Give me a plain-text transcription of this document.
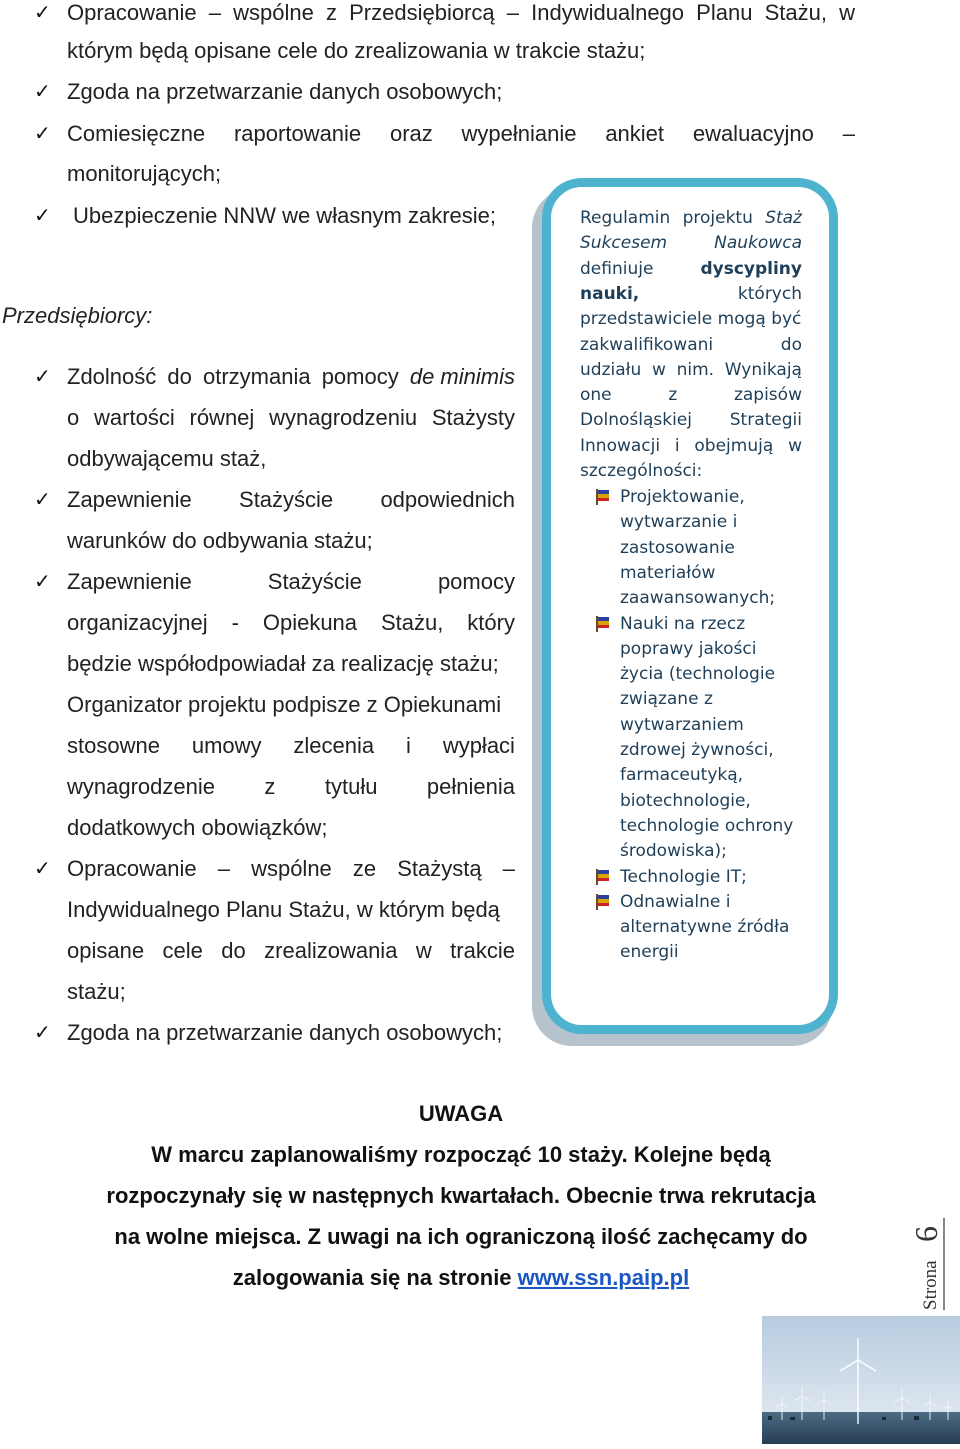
✓ Opracowanie – wspólne z Przedsiębiorcą – Indywidualnego Planu Stażu, w
którym będą opisane cele do zrealizowania w trakcie stażu;
✓ Zgoda na przetwarzanie danych osobowych;
✓ Comiesięczne raportowanie oraz wypełnianie ankiet ewaluacyjno –
monitorujących;
✓ Ubezpieczenie NNW we własnym zakresie;
Przedsiębiorcy:
✓ Zdolność do otrzymania pomocy de minimis
o wartości równej wynagrodzeniu Stażysty
odbywającemu staż,
✓ Zapewnienie Stażyście odpowiednich
warunków do odbywania stażu;
✓ Zapewnienie	Stażyście	pomocy
organizacyjnej - Opiekuna Stażu, który
będzie współodpowiadał za realizację stażu;
Organizator projektu podpisze z Opiekunami
stosowne umowy zlecenia i wypłaci
wynagrodzenie z tytułu pełnienia
dodatkowych obowiązków;
✓ Opracowanie – wspólne ze Stażystą –
Indywidualnego Planu Stażu, w którym będą
opisane cele do zrealizowania w trakcie
stażu;
✓ Zgoda na przetwarzanie danych osobowych;
Regulamin projektu Staż
Sukcesem	Naukowca
definiuje	dyscypliny
nauki,	których
przedstawiciele mogą być
zakwalifikowani	do
udziału w nim. Wynikają
one	z	zapisów
Dolnośląskiej Strategii
Innowacji i obejmują w
szczególności:
Projektowanie,
wytwarzanie i
zastosowanie
materiałów
zaawansowanych;
Nauki na rzecz
poprawy jakości
życia (technologie
związane z
wytwarzaniem
zdrowej żywności,
farmaceutyką,
biotechnologie,
technologie ochrony
środowiska);
Technologie IT;
Odnawialne i
alternatywne źródła
energii
UWAGA
W marcu zaplanowaliśmy rozpocząć 10 staży. Kolejne będą
rozpoczynały się w następnych kwartałach. Obecnie trwa rekrutacja
na wolne miejsca. Z uwagi na ich ograniczoną ilość zachęcamy do
zalogowania się na stronie www.ssn.paip.pl	Strona
6
